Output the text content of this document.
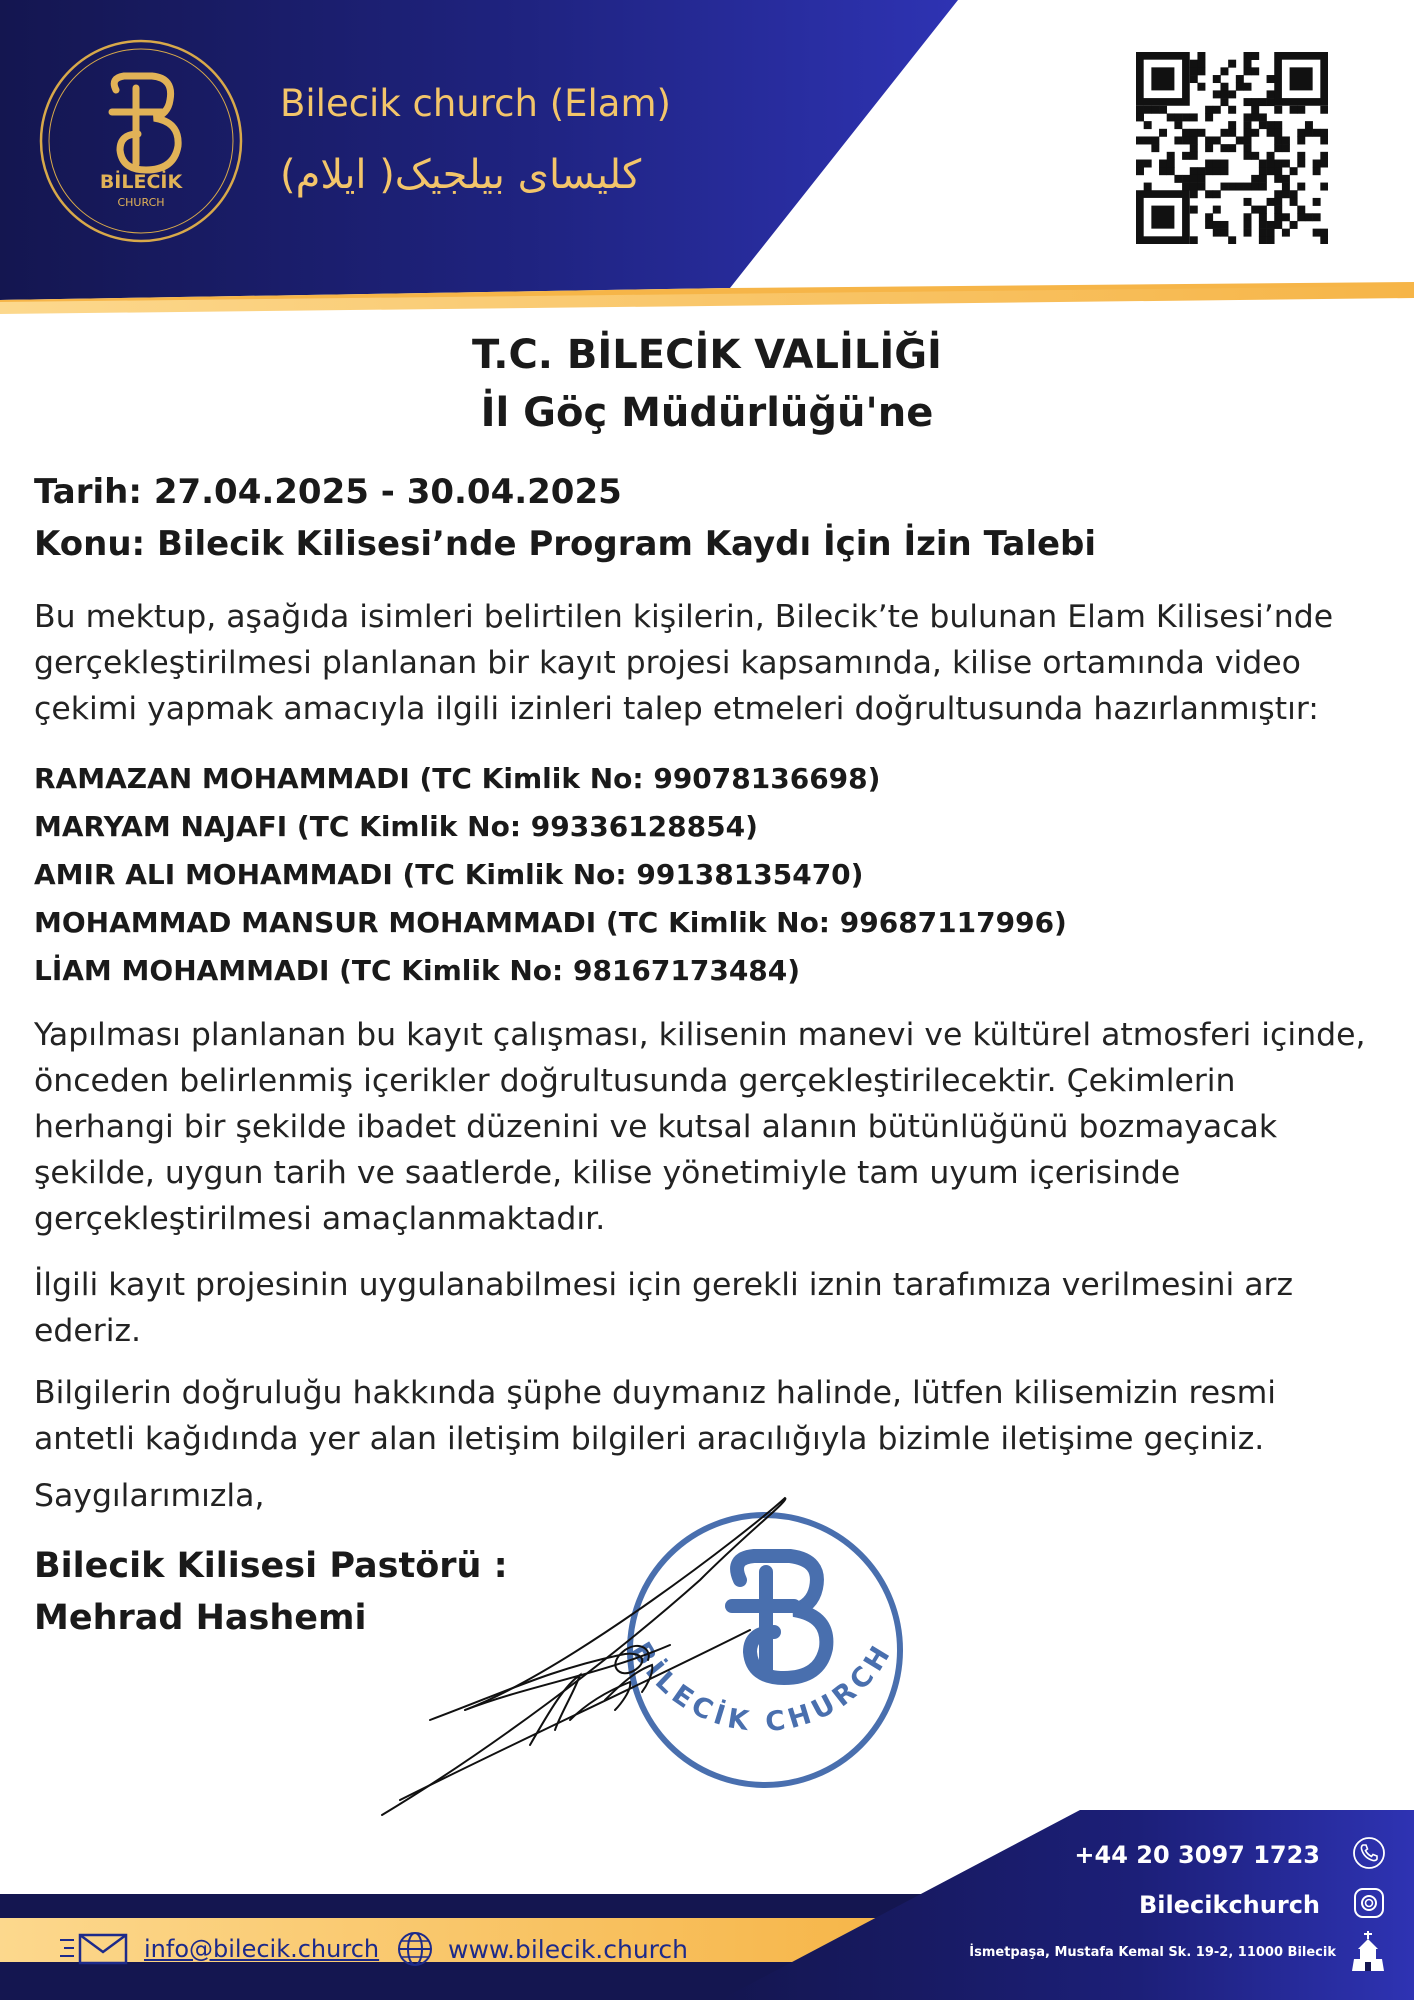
BİLECİK
CHURCH
Bilecik church (Elam)
کلیسای بیلجیک( ایلام)
T.C. BİLECİK VALİLİĞİ
İl Göç Müdürlüğü'ne
Tarih: 27.04.2025 - 30.04.2025
Konu: Bilecik Kilisesi’nde Program Kaydı İçin İzin Talebi

Bu mektup, aşağıda isimleri belirtilen kişilerin, Bilecik’te bulunan Elam Kilisesi’nde gerçekleştirilmesi planlanan bir kayıt projesi kapsamında, kilise ortamında video çekimi yapmak amacıyla ilgili izinleri talep etmeleri doğrultusunda hazırlanmıştır:

RAMAZAN MOHAMMADI (TC Kimlik No: 99078136698)
MARYAM NAJAFI (TC Kimlik No: 99336128854)
AMIR ALI MOHAMMADI (TC Kimlik No: 99138135470)
MOHAMMAD MANSUR MOHAMMADI (TC Kimlik No: 99687117996)
LİAM MOHAMMADI (TC Kimlik No: 98167173484)

Yapılması planlanan bu kayıt çalışması, kilisenin manevi ve kültürel atmosferi içinde, önceden belirlenmiş içerikler doğrultusunda gerçekleştirilecektir. Çekimlerin herhangi bir şekilde ibadet düzenini ve kutsal alanın bütünlüğünü bozmayacak şekilde, uygun tarih ve saatlerde, kilise yönetimiyle tam uyum içerisinde gerçekleştirilmesi amaçlanmaktadır.

İlgili kayıt projesinin uygulanabilmesi için gerekli iznin tarafımıza verilmesini arz ederiz.

Bilgilerin doğruluğu hakkında şüphe duymanız halinde, lütfen kilisemizin resmi antetli kağıdında yer alan iletişim bilgileri aracılığıyla bizimle iletişime geçiniz.

Saygılarımızla,
Bilecik Kilisesi Pastörü :
Mehrad Hashemi
BİLECİK CHURCH
info@bilecik.church	www.bilecik.church
+44 20 3097 1723
Bilecikchurch
İsmetpaşa, Mustafa Kemal Sk. 19-2, 11000 Bilecik
